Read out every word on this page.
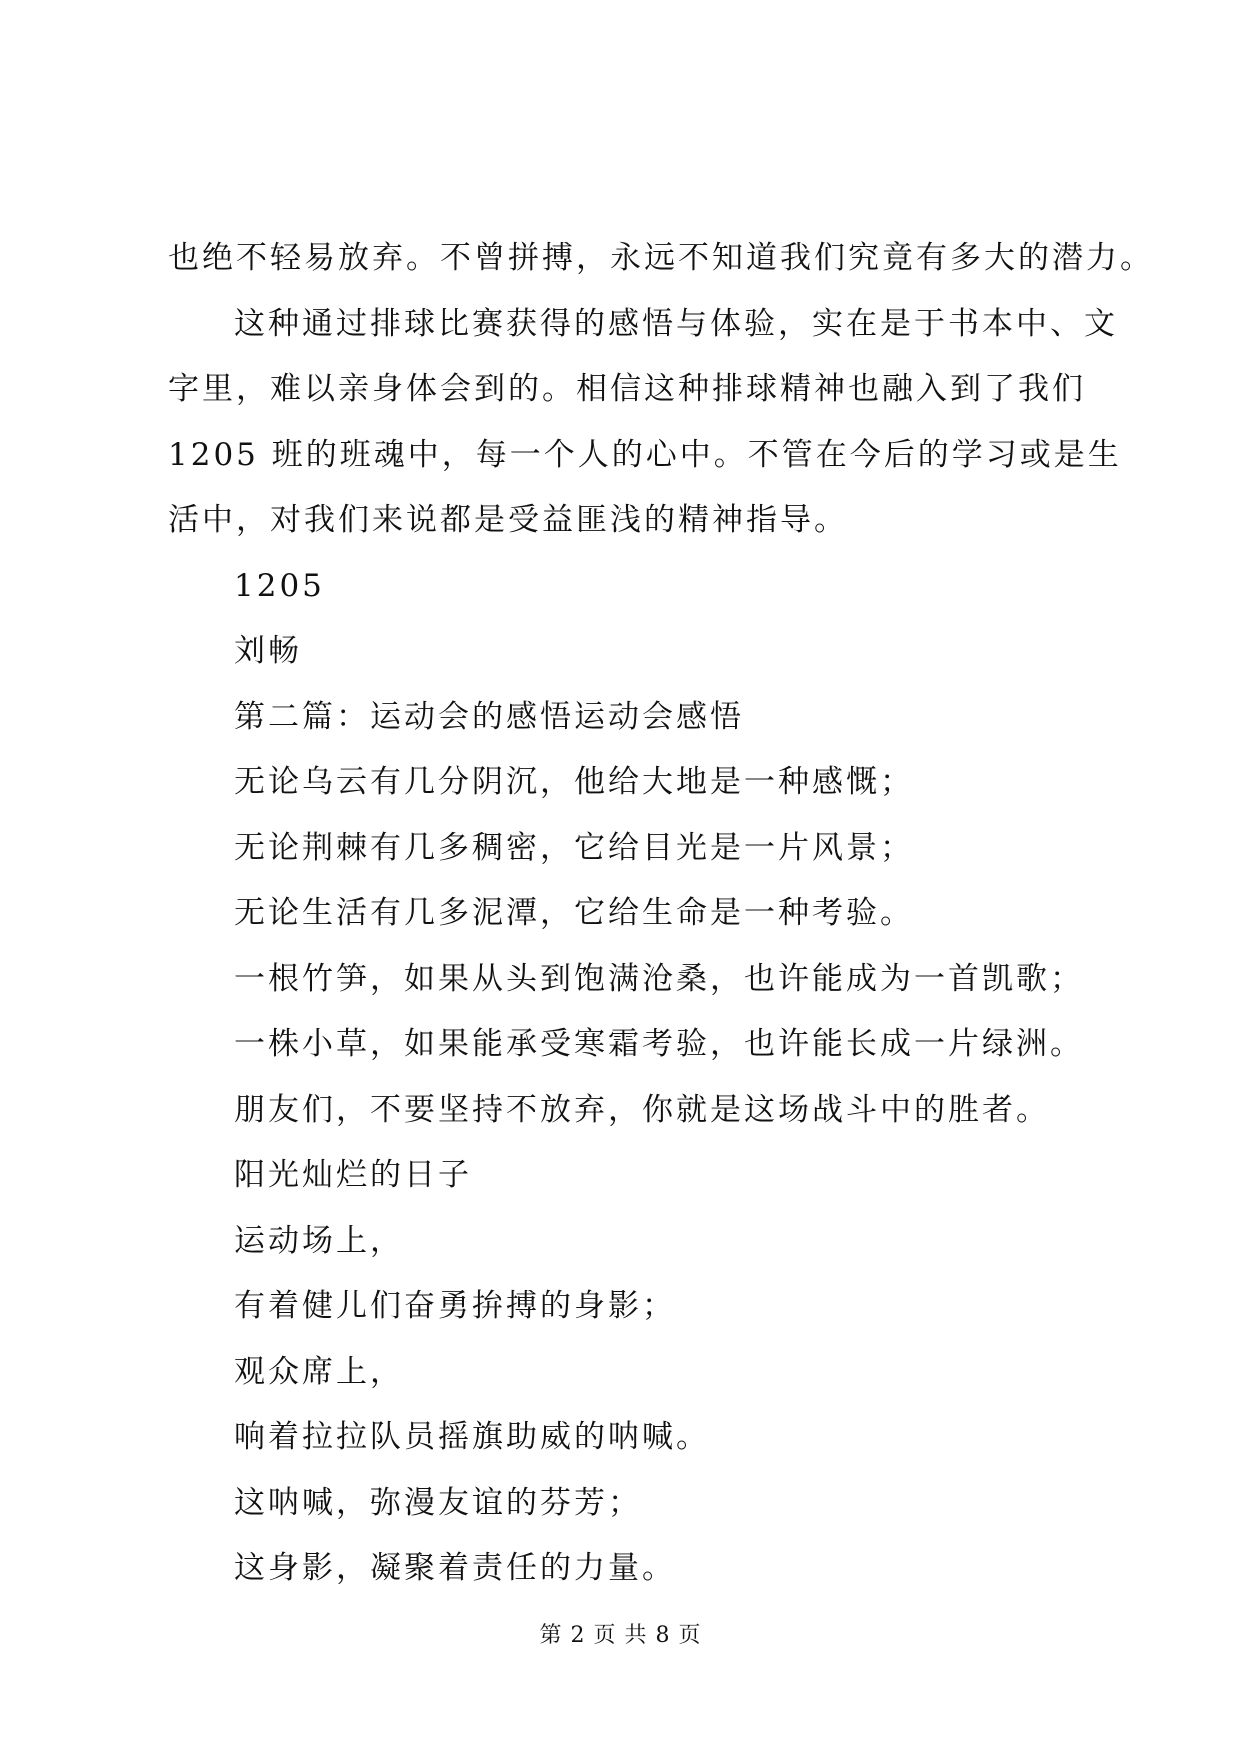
也绝不轻易放弃。不曾拼搏，永远不知道我们究竟有多大的潜力。

这种通过排球比赛获得的感悟与体验，实在是于书本中、文

字里，难以亲身体会到的。相信这种排球精神也融入到了我们

1205 班的班魂中，每一个人的心中。不管在今后的学习或是生

活中，对我们来说都是受益匪浅的精神指导。

1205

刘畅

第二篇：运动会的感悟运动会感悟

无论乌云有几分阴沉，他给大地是一种感慨；

无论荆棘有几多稠密，它给目光是一片风景；

无论生活有几多泥潭，它给生命是一种考验。

一根竹笋，如果从头到饱满沧桑，也许能成为一首凯歌；

一株小草，如果能承受寒霜考验，也许能长成一片绿洲。

朋友们，不要坚持不放弃，你就是这场战斗中的胜者。

阳光灿烂的日子

运动场上，

有着健儿们奋勇拚搏的身影；

观众席上，

响着拉拉队员摇旗助威的呐喊。

这呐喊，弥漫友谊的芬芳；

这身影，凝聚着责任的力量。

第 2 页 共 8 页
